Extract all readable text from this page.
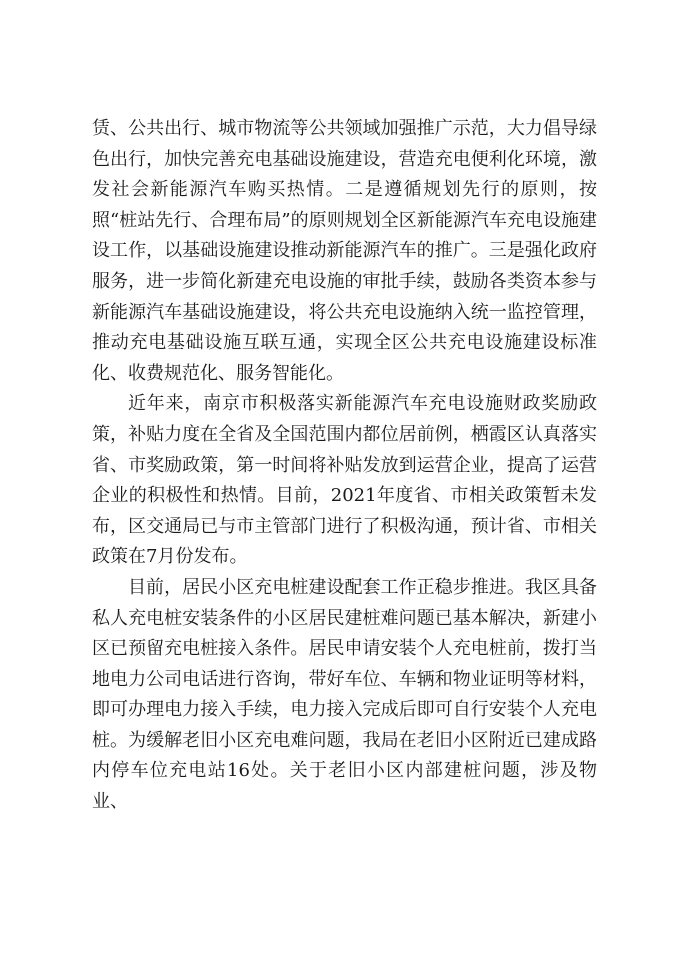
赁、公共出行、城市物流等公共领域加强推广示范，大力倡导绿色出行，加快完善充电基础设施建设，营造充电便利化环境，激发社会新能源汽车购买热情。二是遵循规划先行的原则，按照“桩站先行、合理布局”的原则规划全区新能源汽车充电设施建设工作，以基础设施建设推动新能源汽车的推广。三是强化政府服务，进一步简化新建充电设施的审批手续，鼓励各类资本参与新能源汽车基础设施建设，将公共充电设施纳入统一监控管理，推动充电基础设施互联互通，实现全区公共充电设施建设标准化、收费规范化、服务智能化。

近年来，南京市积极落实新能源汽车充电设施财政奖励政策，补贴力度在全省及全国范围内都位居前例，栖霞区认真落实省、市奖励政策，第一时间将补贴发放到运营企业，提高了运营企业的积极性和热情。目前，2021年度省、市相关政策暂未发布，区交通局已与市主管部门进行了积极沟通，预计省、市相关政策在7月份发布。

目前，居民小区充电桩建设配套工作正稳步推进。我区具备私人充电桩安装条件的小区居民建桩难问题已基本解决，新建小区已预留充电桩接入条件。居民申请安装个人充电桩前，拨打当地电力公司电话进行咨询，带好车位、车辆和物业证明等材料，即可办理电力接入手续，电力接入完成后即可自行安装个人充电桩。为缓解老旧小区充电难问题，我局在老旧小区附近已建成路内停车位充电站16处。关于老旧小区内部建桩问题，涉及物业、
